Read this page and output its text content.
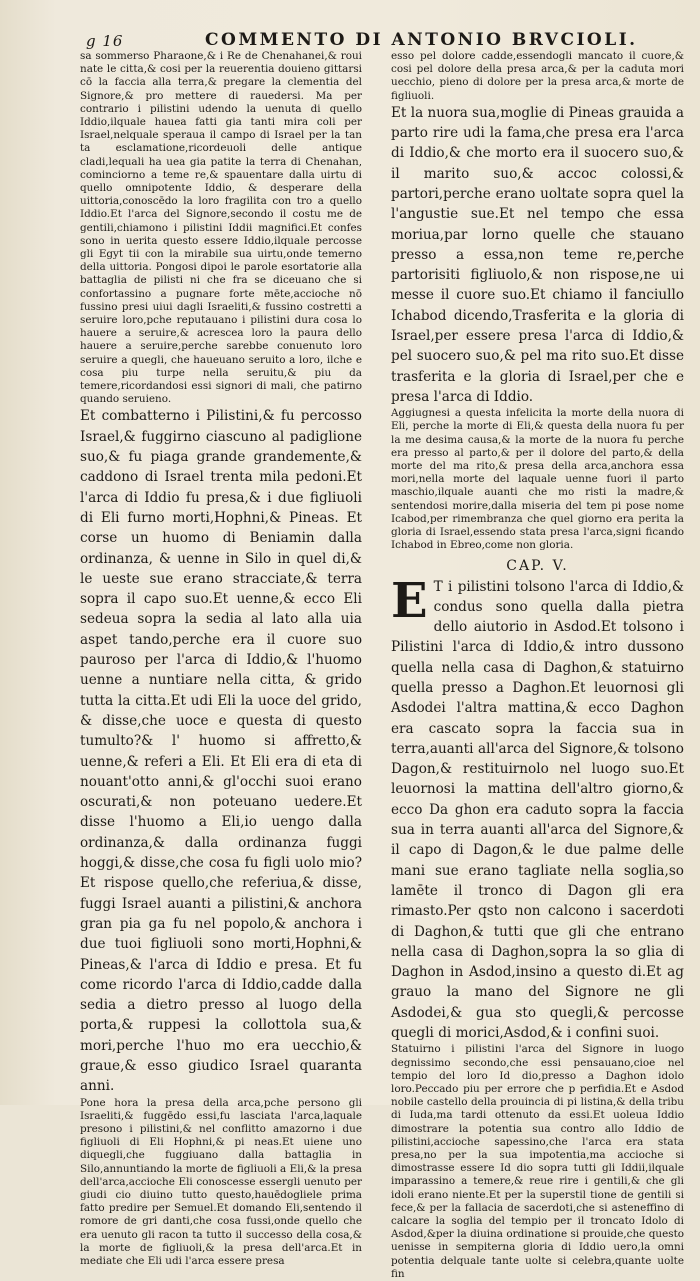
g 16	COMMENTO DI ANTONIO BRVCIOLI.

sa sommerso Pharaone,& i Re de Chenahanei,& roui nate le citta,& cosi per la reuerentia douieno gittarsi cō la faccia alla terra,& pregare la clementia del Signore,& pro mettere di rauedersi. Ma per contrario i pilistini udendo la uenuta di quello Iddio,ilquale hauea fatti gia tanti mira coli per Israel,nelquale speraua il campo di Israel per la tan ta esclamatione,ricordeuoli delle antique cladi,lequali ha uea gia patite la terra di Chenahan, cominciorno a teme re,& spauentare dalla uirtu di quello omnipotente Iddio, & desperare della uittoria,conoscēdo la loro fragilita con tro a quello Iddio.Et l'arca del Signore,secondo il costu me de gentili,chiamono i pilistini Iddii magnifici.Et confes sono in uerita questo essere Iddio,ilquale percosse gli Egyt tii con la mirabile sua uirtu,onde temerno della uittoria. Pongosi dipoi le parole esortatorie alla battaglia de pilisti ni che fra se diceuano che si confortassino a pugnare forte mēte,accioche nō fussino presi uiui dagli Israeliti,& fussino costretti a seruire loro,pche reputauano i pilistini dura cosa lo hauere a seruire,& acrescea loro la paura dello hauere a seruire,perche sarebbe conuenuto loro seruire a quegli, che haueuano seruito a loro, ilche e cosa piu turpe nella seruitu,& piu da temere,ricordandosi essi signori di mali, che patirno quando seruieno.

Et combatterno i Pilistini,& fu percosso Israel,& fuggirno ciascuno al padiglione suo,& fu piaga grande grandemente,& caddono di Israel trenta mila pedoni.Et l'arca di Iddio fu presa,& i due figliuoli di Eli furno morti,Hophni,& Pineas. Et corse un huomo di Beniamin dalla ordinanza, & uenne in Silo in quel di,& le ueste sue erano stracciate,& terra sopra il capo suo.Et uenne,& ecco Eli sedeua sopra la sedia al lato alla uia aspet tando,perche era il cuore suo pauroso per l'arca di Iddio,& l'huomo uenne a nuntiare nella citta, & grido tutta la citta.Et udi Eli la uoce del grido, & disse,che uoce e questa di questo tumulto?& l' huomo si affretto,& uenne,& referi a Eli. Et Eli era di eta di nouant'otto anni,& gl'occhi suoi erano oscurati,& non poteuano uedere.Et disse l'huomo a Eli,io uengo dalla ordinanza,& dalla ordinanza fuggi hoggi,& disse,che cosa fu figli uolo mio?Et rispose quello,che referiua,& disse, fuggi Israel auanti a pilistini,& anchora gran pia ga fu nel popolo,& anchora i due tuoi figliuoli sono morti,Hophni,& Pineas,& l'arca di Iddio e presa. Et fu come ricordo l'arca di Iddio,cadde dalla sedia a dietro presso al luogo della porta,& ruppesi la collottola sua,& mori,perche l'huo mo era uecchio,& graue,& esso giudico Israel quaranta anni.

Pone hora la presa della arca,pche persono gli Israeliti,& fuggēdo essi,fu lasciata l'arca,laquale presono i pilistini,& nel conflitto amazorno i due figliuoli di Eli Hophni,& pi neas.Et uiene uno diquegli,che fuggiuano dalla battaglia in Silo,annuntiando la morte de figliuoli a Eli,& la presa dell'arca,accioche Eli conoscesse essergli uenuto per giudi cio diuino tutto questo,hauēdogliele prima fatto predire per Semuel.Et domando Eli,sentendo il romore de gri danti,che cosa fussi,onde quello che era uenuto gli racon ta tutto il successo della cosa,& la morte de figliuoli,& la presa dell'arca.Et in mediate che Eli udi l'arca essere presa

esso pel dolore cadde,essendogli mancato il cuore,& cosi pel dolore della presa arca,& per la caduta mori uecchio, pieno di dolore per la presa arca,& morte de figliuoli.

Et la nuora sua,moglie di Pineas grauida a parto rire udi la fama,che presa era l'arca di Iddio,& che morto era il suocero suo,& il marito suo,& accoc colossi,& partori,perche erano uoltate sopra quel la l'angustie sue.Et nel tempo che essa moriua,par lorno quelle che stauano presso a essa,non teme re,perche partorisiti figliuolo,& non rispose,ne ui messe il cuore suo.Et chiamo il fanciullo Ichabod dicendo,Trasferita e la gloria di Israel,per essere presa l'arca di Iddio,& pel suocero suo,& pel ma rito suo.Et disse trasferita e la gloria di Israel,per che e presa l'arca di Iddio.

Aggiugnesi a questa infelicita la morte della nuora di Eli, perche la morte di Eli,& questa della nuora fu per la me desima causa,& la morte de la nuora fu perche era presso al parto,& per il dolore del parto,& della morte del ma rito,& presa della arca,anchora essa mori,nella morte del laquale uenne fuori il parto maschio,ilquale auanti che mo risti la madre,& sentendosi morire,dalla miseria del tem pi pose nome Icabod,per rimembranza che quel giorno era perita la gloria di Israel,essendo stata presa l'arca,signi ficando Ichabod in Ebreo,come non gloria.

CAP. V.

E T i pilistini tolsono l'arca di Iddio,& condus sono quella dalla pietra dello aiutorio in Asdod.Et tolsono i Pilistini l'arca di Iddio,& intro dussono quella nella casa di Daghon,& statuirno quella presso a Daghon.Et leuornosi gli Asdodei l'altra mattina,& ecco Daghon era cascato sopra la faccia sua in terra,auanti all'arca del Signore,& tolsono Dagon,& restituirnolo nel luogo suo.Et leuornosi la mattina dell'altro giorno,& ecco Da ghon era caduto sopra la faccia sua in terra auanti all'arca del Signore,& il capo di Dagon,& le due palme delle mani sue erano tagliate nella soglia,so lamēte il tronco di Dagon gli era rimasto.Per qsto non calcono i sacerdoti di Daghon,& tutti que gli che entrano nella casa di Daghon,sopra la so glia di Daghon in Asdod,insino a questo di.Et ag grauo la mano del Signore ne gli Asdodei,& gua sto quegli,& percosse quegli di morici,Asdod,& i confini suoi.

Statuirno i pilistini l'arca del Signore in luogo degnissimo secondo,che essi pensauano,cioe nel tempio del loro Id dio,presso a Daghon idolo loro.Peccado piu per errore che p perfidia.Et e Asdod nobile castello della prouincia di pi listina,& della tribu di Iuda,ma tardi ottenuto da essi.Et uoleua Iddio dimostrare la potentia sua contro allo Iddio de pilistini,accioche sapessino,che l'arca era stata presa,no per la sua impotentia,ma accioche si dimostrasse essere Id dio sopra tutti gli Iddii,ilquale imparassino a temere,& reue rire i gentili,& che gli idoli erano niente.Et per la superstil tione de gentili si fece,& per la fallacia de sacerdoti,che si asteneffino di calcare la soglia del tempio per il troncato Idolo di Asdod,&per la diuina ordinatione si prouide,che questo uenisse in sempiterna gloria di Iddio uero,la omni potentia delquale tante uolte si celebra,quante uolte fin
